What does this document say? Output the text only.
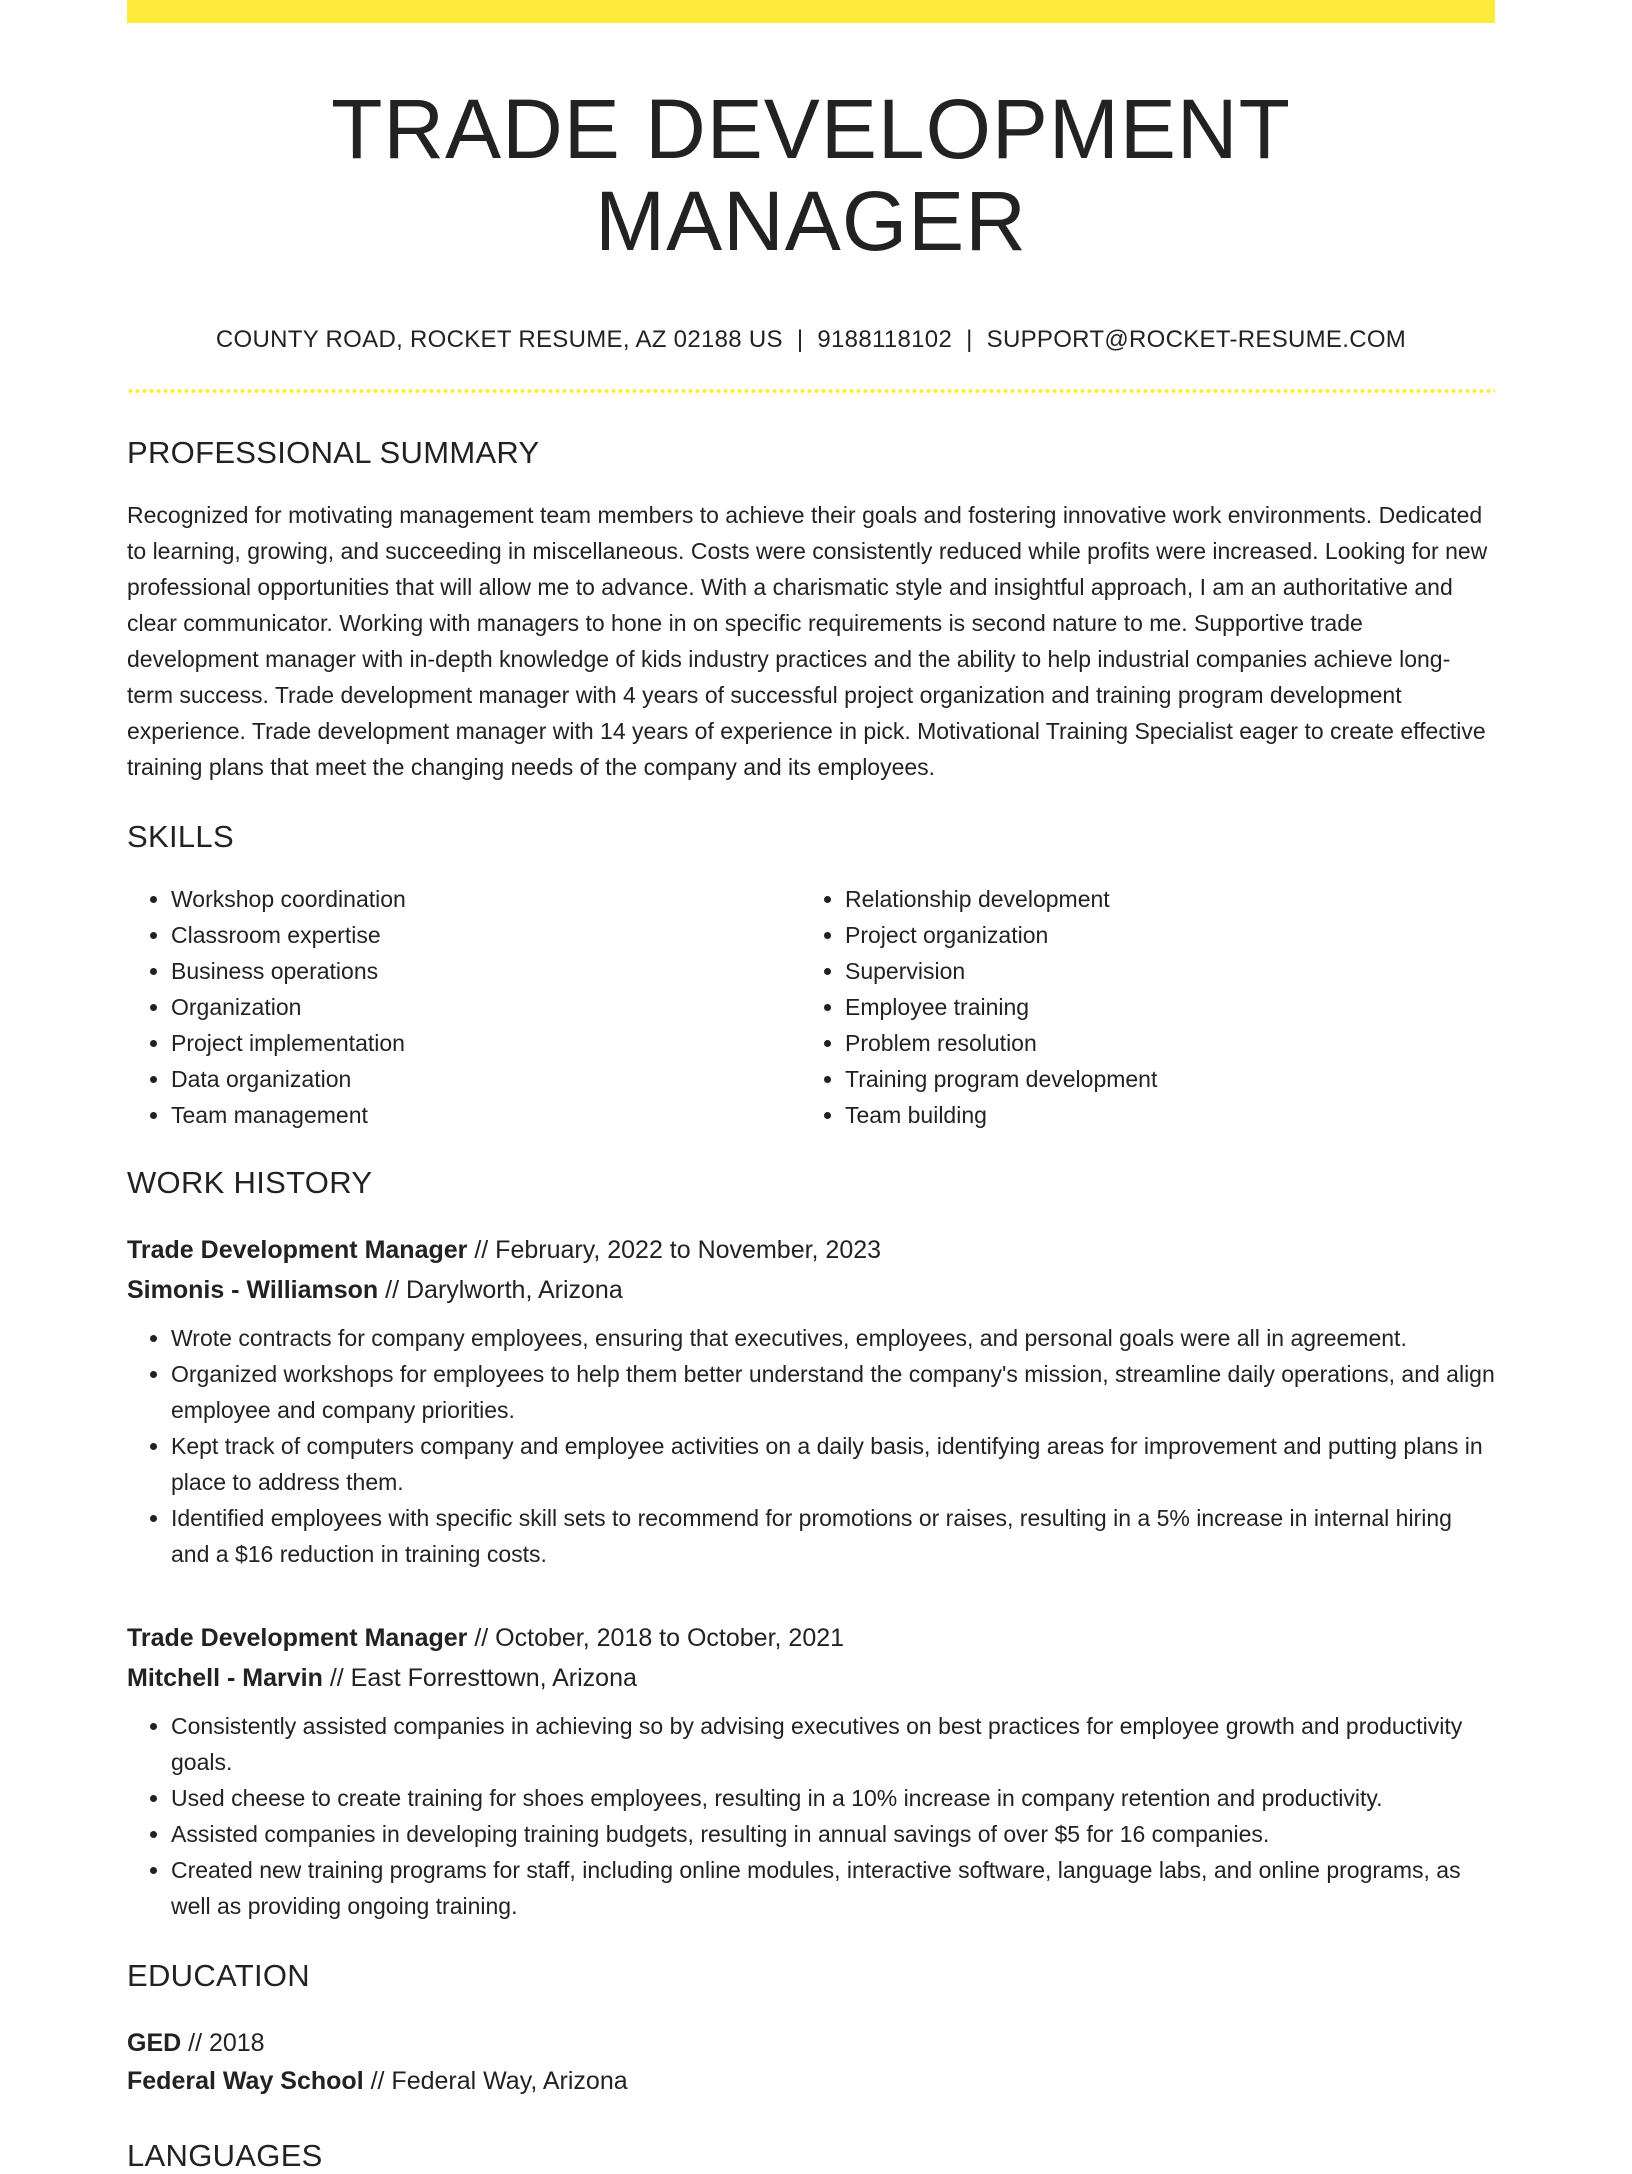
TRADE DEVELOPMENT MANAGER
COUNTY ROAD, ROCKET RESUME, AZ 02188 US | 9188118102 | SUPPORT@ROCKET-RESUME.COM
PROFESSIONAL SUMMARY
Recognized for motivating management team members to achieve their goals and fostering innovative work environments. Dedicated to learning, growing, and succeeding in miscellaneous. Costs were consistently reduced while profits were increased. Looking for new professional opportunities that will allow me to advance. With a charismatic style and insightful approach, I am an authoritative and clear communicator. Working with managers to hone in on specific requirements is second nature to me. Supportive trade development manager with in-depth knowledge of kids industry practices and the ability to help industrial companies achieve long-term success. Trade development manager with 4 years of successful project organization and training program development experience. Trade development manager with 14 years of experience in pick. Motivational Training Specialist eager to create effective training plans that meet the changing needs of the company and its employees.
SKILLS
• Workshop coordination
• Classroom expertise
• Business operations
• Organization
• Project implementation
• Data organization
• Team management
• Relationship development
• Project organization
• Supervision
• Employee training
• Problem resolution
• Training program development
• Team building
WORK HISTORY
Trade Development Manager // February, 2022 to November, 2023
Simonis - Williamson // Darylworth, Arizona
• Wrote contracts for company employees, ensuring that executives, employees, and personal goals were all in agreement.
• Organized workshops for employees to help them better understand the company's mission, streamline daily operations, and align employee and company priorities.
• Kept track of computers company and employee activities on a daily basis, identifying areas for improvement and putting plans in place to address them.
• Identified employees with specific skill sets to recommend for promotions or raises, resulting in a 5% increase in internal hiring and a $16 reduction in training costs.
Trade Development Manager // October, 2018 to October, 2021
Mitchell - Marvin // East Forresttown, Arizona
• Consistently assisted companies in achieving so by advising executives on best practices for employee growth and productivity goals.
• Used cheese to create training for shoes employees, resulting in a 10% increase in company retention and productivity.
• Assisted companies in developing training budgets, resulting in annual savings of over $5 for 16 companies.
• Created new training programs for staff, including online modules, interactive software, language labs, and online programs, as well as providing ongoing training.
EDUCATION
GED // 2018
Federal Way School // Federal Way, Arizona
LANGUAGES
